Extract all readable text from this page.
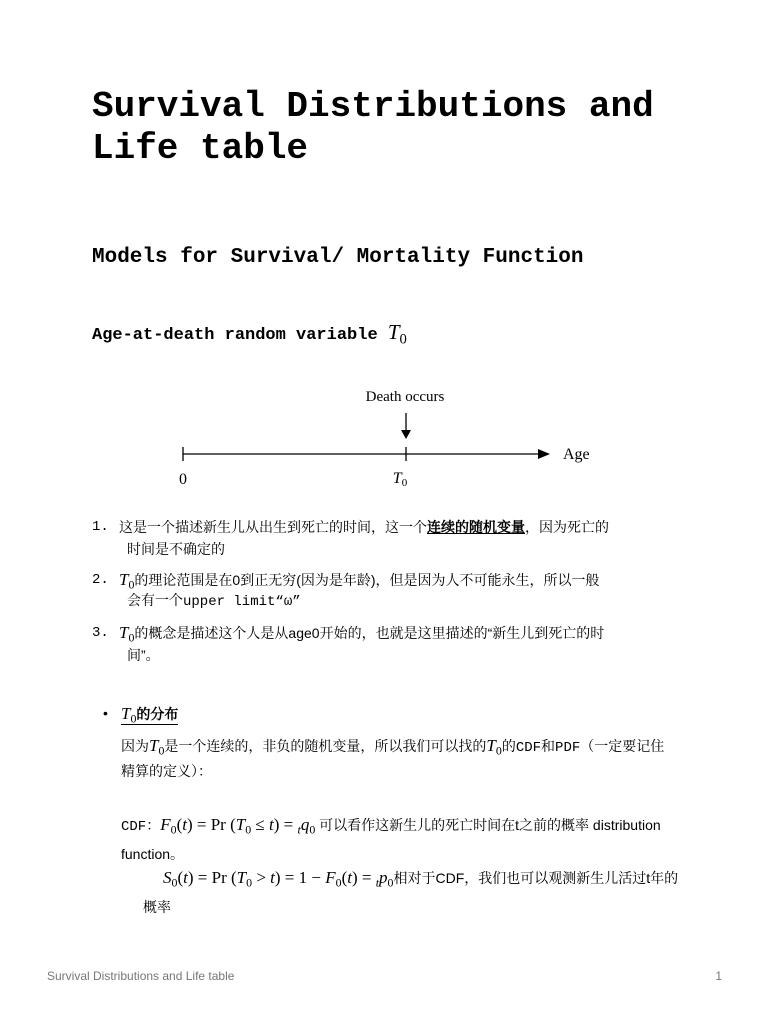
Survival Distributions and Life table
Models for Survival/ Mortality Function
Age-at-death random variable $T_0$
Death occurs
Age
0	T0
1. 这是一个描述新生儿从出生到死亡的时间，这一个连续的随机变量，因为死亡的
时间是不确定的
2. $T_0$的理论范围是在0到正无穷(因为是年龄)，但是因为人不可能永生，所以一般
会有一个upper limit“ω”
3. $T_0$的概念是描述这个人是从age0开始的，也就是这里描述的“新生儿到死亡的时
间”。
• $T_0$的分布

因为$T_0$是一个连续的，非负的随机变量，所以我们可以找的$T_0$的CDF和PDF（一定要记住精算的定义）：

CDF：$F_0(t) = Pr$ $(T_0 \le t) = _tq_0$ 可以看作这新生儿的死亡时间在t之前的概率 distribution function。

$S_0(t) = Pr$ $(T_0 > t) = 1 - F_0(t) = _tp_0$相对于CDF，我们也可以观测新生儿活过t年的概率

Survival Distributions and Life table	1
